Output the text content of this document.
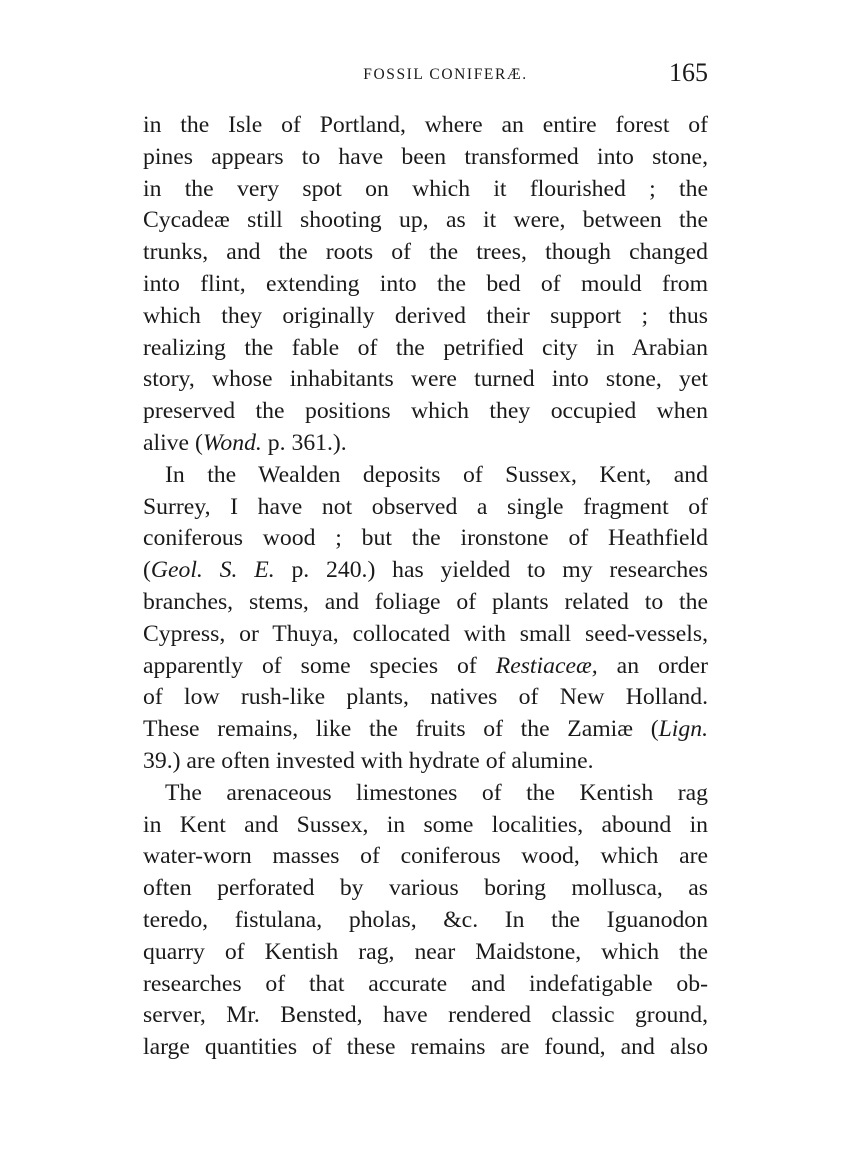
FOSSIL CONIFERÆ.	165
in the Isle of Portland, where an entire forest of
pines appears to have been transformed into stone,
in the very spot on which it flourished ; the
Cycadeæ still shooting up, as it were, between the
trunks, and the roots of the trees, though changed
into flint, extending into the bed of mould from
which they originally derived their support ; thus
realizing the fable of the petrified city in Arabian
story, whose inhabitants were turned into stone, yet
preserved the positions which they occupied when
alive (Wond. p. 361.).
In the Wealden deposits of Sussex, Kent, and
Surrey, I have not observed a single fragment of
coniferous wood ; but the ironstone of Heathfield
(Geol. S. E. p. 240.) has yielded to my researches
branches, stems, and foliage of plants related to the
Cypress, or Thuya, collocated with small seed-vessels,
apparently of some species of Restiaceæ, an order
of low rush-like plants, natives of New Holland.
These remains, like the fruits of the Zamiæ (Lign.
39.) are often invested with hydrate of alumine.
The arenaceous limestones of the Kentish rag
in Kent and Sussex, in some localities, abound in
water-worn masses of coniferous wood, which are
often perforated by various boring mollusca, as
teredo, fistulana, pholas, &c. In the Iguanodon
quarry of Kentish rag, near Maidstone, which the
researches of that accurate and indefatigable ob-
server, Mr. Bensted, have rendered classic ground,
large quantities of these remains are found, and also
